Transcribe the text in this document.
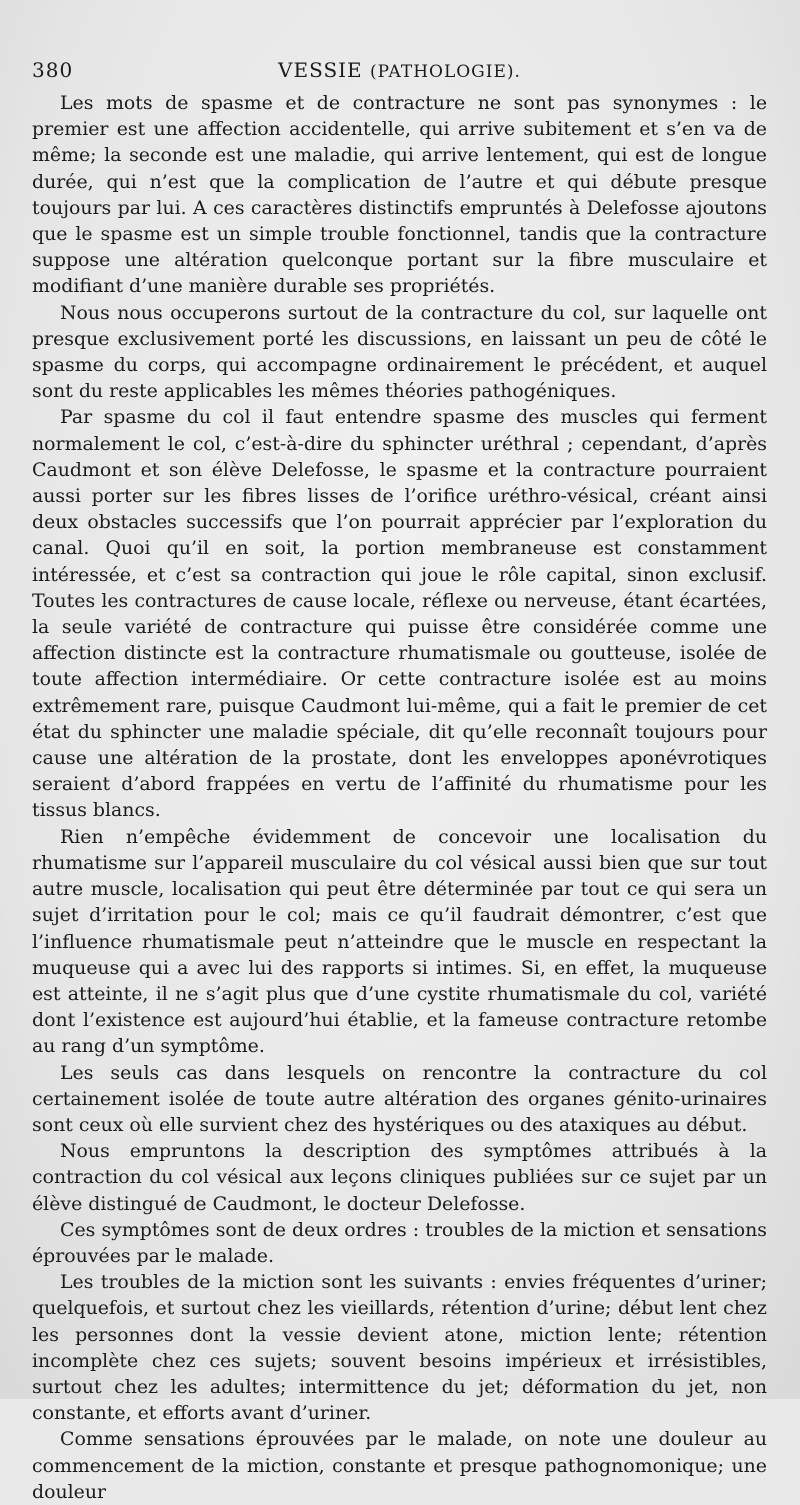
380	VESSIE (PATHOLOGIE).

Les mots de spasme et de contracture ne sont pas synonymes : le premier est une affection accidentelle, qui arrive subitement et s’en va de même; la seconde est une maladie, qui arrive lentement, qui est de longue durée, qui n’est que la complication de l’autre et qui débute presque toujours par lui. A ces caractères distinctifs empruntés à Delefosse ajoutons que le spasme est un simple trouble fonctionnel, tandis que la contracture suppose une altération quelconque portant sur la fibre musculaire et modifiant d’une manière durable ses propriétés.

Nous nous occuperons surtout de la contracture du col, sur laquelle ont presque exclusivement porté les discussions, en laissant un peu de côté le spasme du corps, qui accompagne ordinairement le précédent, et auquel sont du reste applicables les mêmes théories pathogéniques.

Par spasme du col il faut entendre spasme des muscles qui ferment normalement le col, c’est-à-dire du sphincter uréthral ; cependant, d’après Caudmont et son élève Delefosse, le spasme et la contracture pourraient aussi porter sur les fibres lisses de l’orifice uréthro-vésical, créant ainsi deux obstacles successifs que l’on pourrait apprécier par l’exploration du canal. Quoi qu’il en soit, la portion membraneuse est constamment intéressée, et c’est sa contraction qui joue le rôle capital, sinon exclusif. Toutes les contractures de cause locale, réflexe ou nerveuse, étant écartées, la seule variété de contracture qui puisse être considérée comme une affection distincte est la contracture rhumatismale ou goutteuse, isolée de toute affection intermédiaire. Or cette contracture isolée est au moins extrêmement rare, puisque Caudmont lui-même, qui a fait le premier de cet état du sphincter une maladie spéciale, dit qu’elle reconnaît toujours pour cause une altération de la prostate, dont les enveloppes aponévrotiques seraient d’abord frappées en vertu de l’affinité du rhumatisme pour les tissus blancs.

Rien n’empêche évidemment de concevoir une localisation du rhumatisme sur l’appareil musculaire du col vésical aussi bien que sur tout autre muscle, localisation qui peut être déterminée par tout ce qui sera un sujet d’irritation pour le col; mais ce qu’il faudrait démontrer, c’est que l’influence rhumatismale peut n’atteindre que le muscle en respectant la muqueuse qui a avec lui des rapports si intimes. Si, en effet, la muqueuse est atteinte, il ne s’agit plus que d’une cystite rhumatismale du col, variété dont l’existence est aujourd’hui établie, et la fameuse contracture retombe au rang d’un symptôme.

Les seuls cas dans lesquels on rencontre la contracture du col certainement isolée de toute autre altération des organes génito-urinaires sont ceux où elle survient chez des hystériques ou des ataxiques au début.

Nous empruntons la description des symptômes attribués à la contraction du col vésical aux leçons cliniques publiées sur ce sujet par un élève distingué de Caudmont, le docteur Delefosse.

Ces symptômes sont de deux ordres : troubles de la miction et sensations éprouvées par le malade.

Les troubles de la miction sont les suivants : envies fréquentes d’uriner; quelquefois, et surtout chez les vieillards, rétention d’urine; début lent chez les personnes dont la vessie devient atone, miction lente; rétention incomplète chez ces sujets; souvent besoins impérieux et irrésistibles, surtout chez les adultes; intermittence du jet; déformation du jet, non constante, et efforts avant d’uriner.

Comme sensations éprouvées par le malade, on note une douleur au commencement de la miction, constante et presque pathognomonique; une douleur
